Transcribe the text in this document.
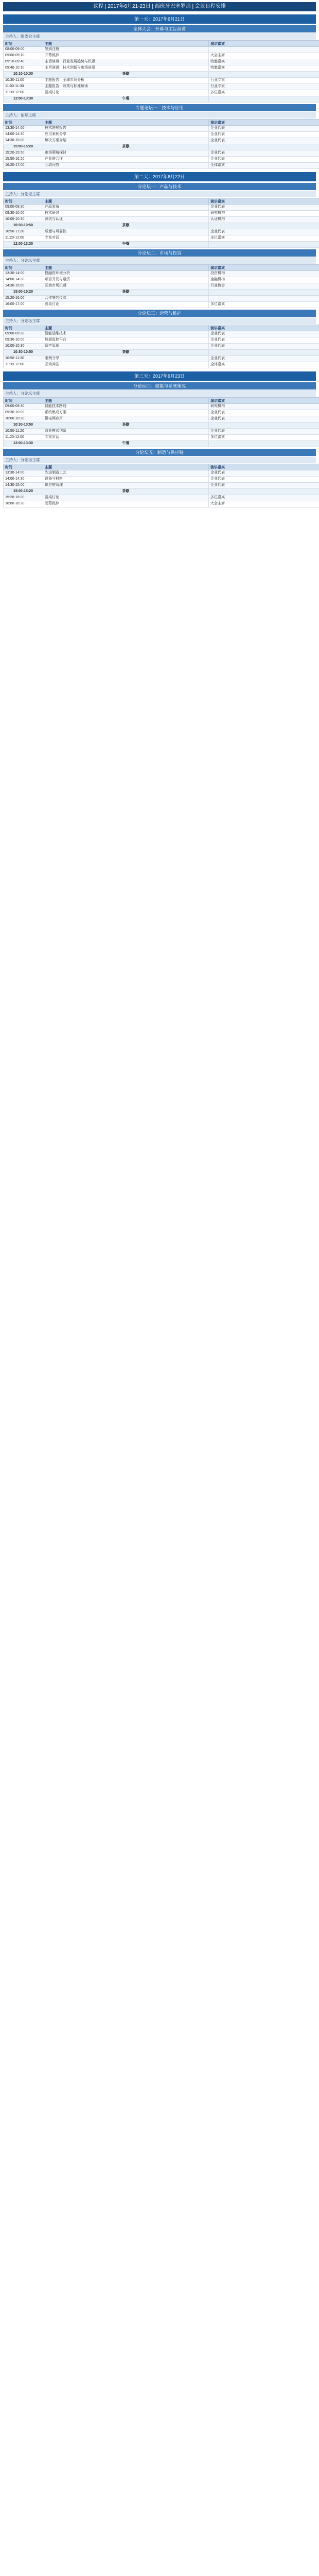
议程 | 2017年6月21-23日 | 西班牙巴塞罗那 | 会议日程安排
第一天：2017年6月21日
全体大会：开幕与主旨演讲
主持人：组委会主席
时间	主题	演讲嘉宾
08:00-09:00	签到注册	
09:00-09:10	开幕致辞	大会主席
09:10-09:40	主旨演讲：行业发展趋势与机遇	特邀嘉宾
09:40-10:10	主旨演讲：技术创新与市场前景	特邀嘉宾
10:10-10:30	茶歇	
10:30-11:00	主题报告：全球市场分析	行业专家
11:00-11:30	主题报告：政策与标准解读	行业专家
11:30-12:00	圆桌讨论	多位嘉宾
12:00-13:30	午餐	
专题论坛一：技术与应用
主持人：论坛主席
时间	主题	演讲嘉宾
13:30-14:00	技术进展报告	企业代表
14:00-14:30	应用案例分享	企业代表
14:30-15:00	解决方案介绍	企业代表
15:00-15:20	茶歇	
15:20-15:50	市场策略探讨	企业代表
15:50-16:20	产业链合作	企业代表
16:20-17:00	互动问答	全体嘉宾
第二天：2017年6月22日
分论坛一：产品与技术
主持人：分论坛主席
时间	主题	演讲嘉宾
09:00-09:30	产品发布	企业代表
09:30-10:00	技术研讨	研究机构
10:00-10:30	测试与认证	认证机构
10:30-10:50	茶歇	
10:50-11:20	质量与可靠性	企业代表
11:20-12:00	专家对话	多位嘉宾
12:00-13:30	午餐	
分论坛二：市场与投资
主持人：分论坛主席
时间	主题	演讲嘉宾
13:30-14:00	投融资环境分析	投资机构
14:00-14:30	项目开发与融资	金融机构
14:30-15:00	区域市场机遇	行业协会
15:00-15:20	茶歇	
15:20-16:00	合作签约仪式	
16:00-17:00	圆桌讨论	多位嘉宾
分论坛三：运营与维护
主持人：分论坛主席
时间	主题	演讲嘉宾
09:00-09:30	智能运维技术	企业代表
09:30-10:00	数据监控平台	企业代表
10:00-10:30	资产管理	企业代表
10:30-10:50	茶歇	
10:50-11:30	案例分享	企业代表
11:30-12:00	互动问答	全体嘉宾
第三天：2017年6月23日
分论坛四：储能与系统集成
主持人：分论坛主席
时间	主题	演讲嘉宾
09:00-09:30	储能技术路线	研究机构
09:30-10:00	系统集成方案	企业代表
10:00-10:30	微电网应用	企业代表
10:30-10:50	茶歇	
10:50-11:20	商业模式创新	企业代表
11:20-12:00	专家对话	多位嘉宾
12:00-13:30	午餐	
分论坛五：制造与供应链
主持人：分论坛主席
时间	主题	演讲嘉宾
13:30-14:00	先进制造工艺	企业代表
14:00-14:30	设备与材料	企业代表
14:30-15:00	供应链管理	企业代表
15:00-15:20	茶歇	
15:20-16:00	圆桌讨论	多位嘉宾
16:00-16:30	闭幕致辞	大会主席
